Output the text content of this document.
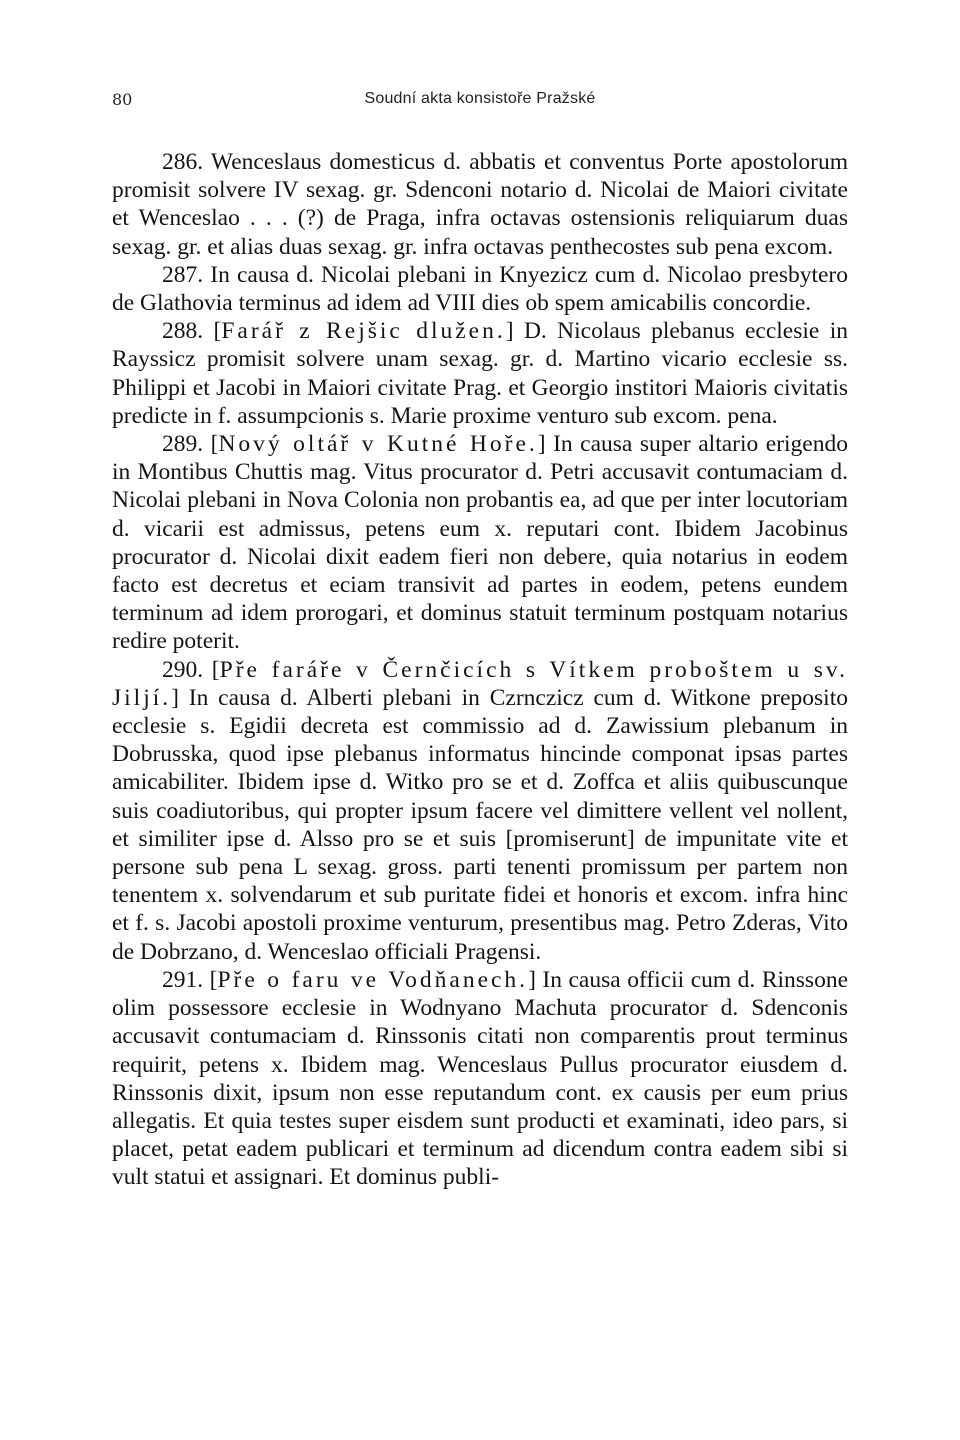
80	Soudní akta konsistoře Pražské

286. Wenceslaus domesticus d. abbatis et conventus Porte apostolorum promisit solvere IV sexag. gr. Sdenconi notario d. Nicolai de Maiori civitate et Wenceslao . . . (?) de Praga, infra octavas ostensionis reliquiarum duas sexag. gr. et alias duas sexag. gr. infra octavas penthecostes sub pena excom.

287. In causa d. Nicolai plebani in Knyezicz cum d. Nicolao presbytero de Glathovia terminus ad idem ad VIII dies ob spem amicabilis concordie.

288. [Farář z Rejšic dlužen.] D. Nicolaus plebanus ecclesie in Rayssicz promisit solvere unam sexag. gr. d. Martino vicario ecclesie ss. Philippi et Jacobi in Maiori civitate Prag. et Georgio institori Maioris civitatis predicte in f. assumpcionis s. Marie proxime venturo sub excom. pena.

289. [Nový oltář v Kutné Hoře.] In causa super altario erigendo in Montibus Chuttis mag. Vitus procurator d. Petri accusavit contumaciam d. Nicolai plebani in Nova Colonia non probantis ea, ad que per inter locutoriam d. vicarii est admissus, petens eum x. reputari cont. Ibidem Jacobinus procurator d. Nicolai dixit eadem fieri non debere, quia notarius in eodem facto est decretus et eciam transivit ad partes in eodem, petens eundem terminum ad idem prorogari, et dominus statuit terminum postquam notarius redire poterit.

290. [Pře faráře v Černčicích s Vítkem proboštem u sv. Jiljí.] In causa d. Alberti plebani in Czrnczicz cum d. Witkone preposito ecclesie s. Egidii decreta est commissio ad d. Zawissium plebanum in Dobrusska, quod ipse plebanus informatus hincinde componat ipsas partes amicabiliter. Ibidem ipse d. Witko pro se et d. Zoffca et aliis quibuscunque suis coadiutoribus, qui propter ipsum facere vel dimittere vellent vel nollent, et similiter ipse d. Alsso pro se et suis [promiserunt] de impunitate vite et persone sub pena L sexag. gross. parti tenenti promissum per partem non tenentem x. solvendarum et sub puritate fidei et honoris et excom. infra hinc et f. s. Jacobi apostoli proxime venturum, presentibus mag. Petro Zderas, Vito de Dobrzano, d. Wenceslao officiali Pragensi.

291. [Pře o faru ve Vodňanech.] In causa officii cum d. Rinssone olim possessore ecclesie in Wodnyano Machuta procurator d. Sdenconis accusavit contumaciam d. Rinssonis citati non comparentis prout terminus requirit, petens x. Ibidem mag. Wenceslaus Pullus procurator eiusdem d. Rinssonis dixit, ipsum non esse reputandum cont. ex causis per eum prius allegatis. Et quia testes super eisdem sunt producti et examinati, ideo pars, si placet, petat eadem publicari et terminum ad dicendum contra eadem sibi si vult statui et assignari. Et dominus publi-
